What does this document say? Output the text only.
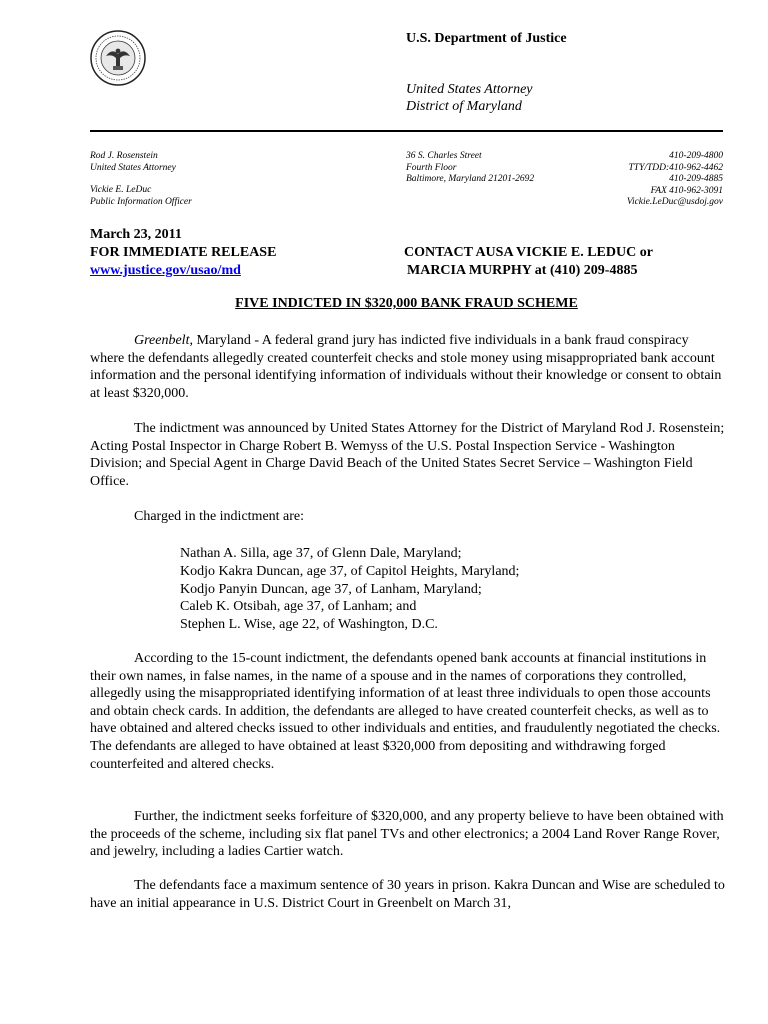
U.S. Department of Justice
United States Attorney
District of Maryland
Rod J. Rosenstein
United States Attorney
Vickie E. LeDuc
Public Information Officer
36 S. Charles Street
Fourth Floor
Baltimore, Maryland 21201-2692
410-209-4800
TTY/TDD:410-962-4462
410-209-4885
FAX 410-962-3091
Vickie.LeDuc@usdoj.gov
March 23, 2011
FOR IMMEDIATE RELEASE
www.justice.gov/usao/md
CONTACT AUSA VICKIE E. LEDUC or
MARCIA MURPHY at (410) 209-4885
FIVE INDICTED IN $320,000 BANK FRAUD SCHEME

Greenbelt, Maryland - A federal grand jury has indicted five individuals in a bank fraud conspiracy where the defendants allegedly created counterfeit checks and stole money using misappropriated bank account information and the personal identifying information of individuals without their knowledge or consent to obtain at least $320,000.

The indictment was announced by United States Attorney for the District of Maryland Rod J. Rosenstein; Acting Postal Inspector in Charge Robert B. Wemyss of the U.S. Postal Inspection Service - Washington Division; and Special Agent in Charge David Beach of the United States Secret Service – Washington Field Office.

Charged in the indictment are:

Nathan A. Silla, age 37, of Glenn Dale, Maryland;
Kodjo Kakra Duncan, age 37, of Capitol Heights, Maryland;
Kodjo Panyin Duncan, age 37, of Lanham, Maryland;
Caleb K. Otsibah, age 37, of Lanham; and
Stephen L. Wise, age 22, of Washington, D.C.

According to the 15-count indictment, the defendants opened bank accounts at financial institutions in their own names, in false names, in the name of a spouse and in the names of corporations they controlled, allegedly using the misappropriated identifying information of at least three individuals to open those accounts and obtain check cards. In addition, the defendants are alleged to have created counterfeit checks, as well as to have obtained and altered checks issued to other individuals and entities, and fraudulently negotiated the checks. The defendants are alleged to have obtained at least $320,000 from depositing and withdrawing forged counterfeited and altered checks.

Further, the indictment seeks forfeiture of $320,000, and any property believe to have been obtained with the proceeds of the scheme, including six flat panel TVs and other electronics; a 2004 Land Rover Range Rover, and jewelry, including a ladies Cartier watch.

The defendants face a maximum sentence of 30 years in prison. Kakra Duncan and Wise are scheduled to have an initial appearance in U.S. District Court in Greenbelt on March 31,
